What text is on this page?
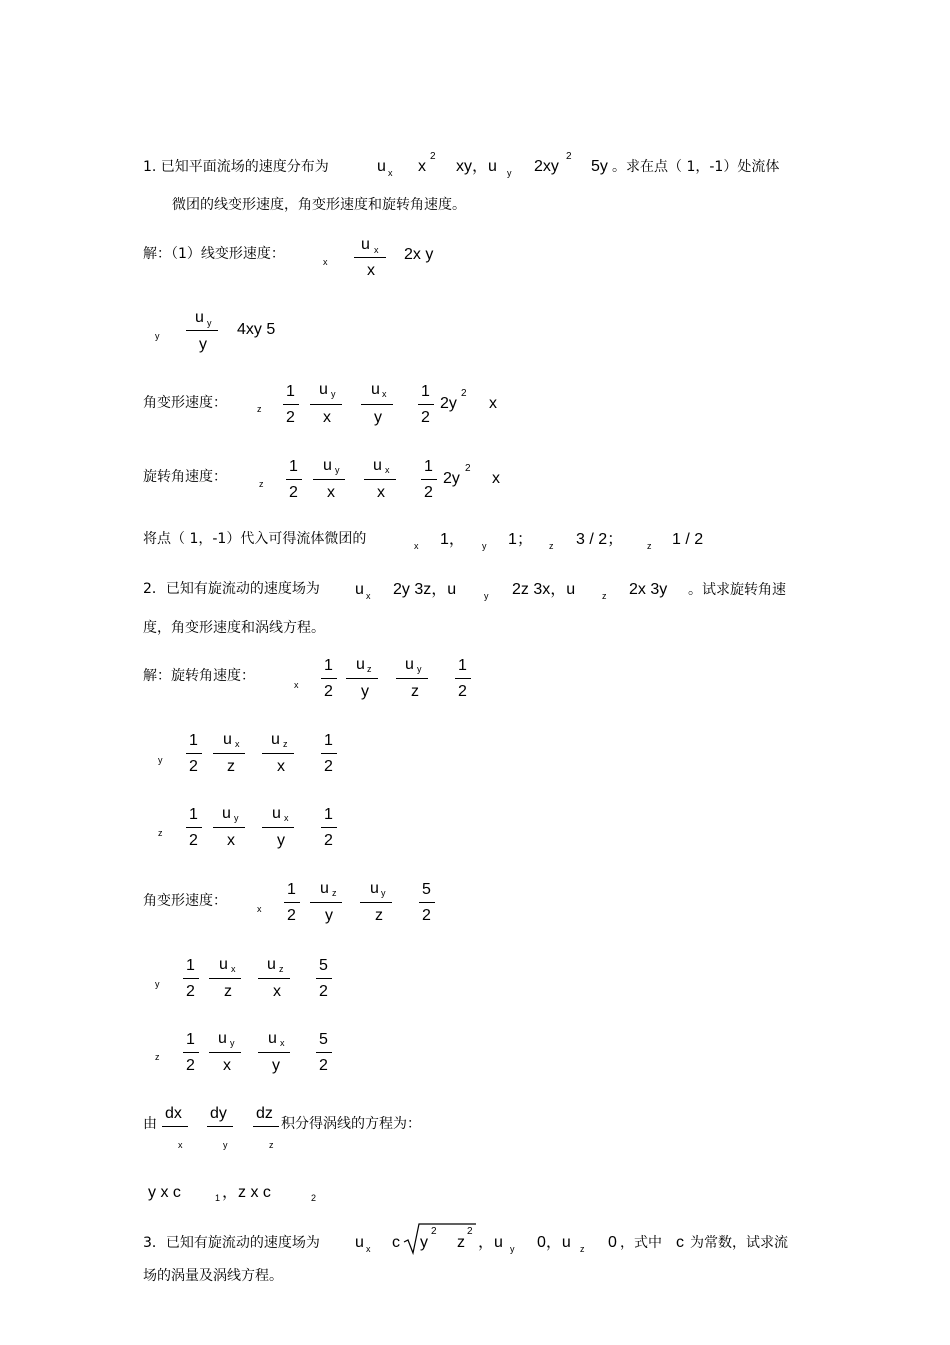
1. 已知平面流场的速度分布为	u x x
2
xy，u y 2xy
2
5y 。求在点（ 1，-1）处流体
微团的线变形速度，角变形速度和旋转角速度。
解：（1）线变形速度：	x
u x
x
2x y
y
u y
y
4xy 5
角变形速度：	z
1
2
u y
x
u x
y
1
2
2y
2
x
旋转角速度：	z
1
2
u y
x
u x
x
1
2
2y
2
x
将点（ 1，-1）代入可得流体微团的	x 1， y 1； z 3 / 2；	z 1 / 2
2．已知有旋流动的速度场为 u x 2y 3z，u	y 2z 3x，u	z 2x 3y 。试求旋转角速
度，角变形速度和涡线方程。
解：旋转角速度：
x
1
2
u z
y
u y
z
1
2
y
1
2
u x
z
u z
x
1
2
z
1
2
u y
x
u x
y
1
2
角变形速度：	x
1
2
u z
y
u y
z
5
2
y
1
2
u x
z
u z
x
5
2
z
1
2
u y
x
u x
y
5
2
由
dx
x
dy
y
dz
z
积分得涡线的方程为：
y x c	1 ，z x c	2
3．已知有旋流动的速度场为 u x c y
2
z
2
，u y 0，u z 0 ，式中 c 为常数，试求流
场的涡量及涡线方程。
